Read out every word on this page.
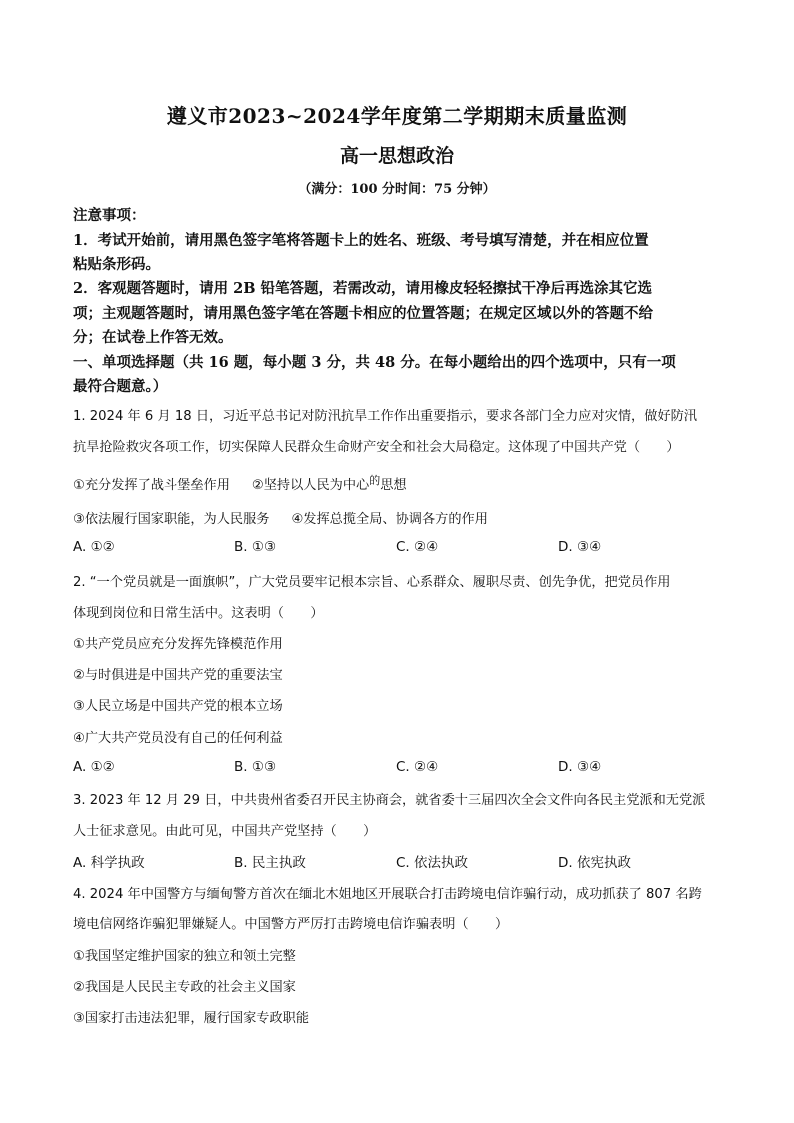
遵义市2023~2024学年度第二学期期末质量监测
高一思想政治
（满分：100 分时间：75 分钟）
注意事项：
1．考试开始前，请用黑色签字笔将答题卡上的姓名、班级、考号填写清楚，并在相应位置
粘贴条形码。
2．客观题答题时，请用 2B 铅笔答题，若需改动，请用橡皮轻轻擦拭干净后再选涂其它选
项；主观题答题时，请用黑色签字笔在答题卡相应的位置答题；在规定区域以外的答题不给
分；在试卷上作答无效。
一、单项选择题（共 16 题，每小题 3 分，共 48 分。在每小题给出的四个选项中，只有一项
最符合题意。）
1. 2024 年 6 月 18 日，习近平总书记对防汛抗旱工作作出重要指示，要求各部门全力应对灾情，做好防汛
抗旱抢险救灾各项工作，切实保障人民群众生命财产安全和社会大局稳定。这体现了中国共产党（　　）
①充分发挥了战斗堡垒作用 ②坚持以人民为中心$^的$思想
③依法履行国家职能，为人民服务 ④发挥总揽全局、协调各方的作用
A. ①②	B. ①③	C. ②④	D. ③④
2. “一个党员就是一面旗帜”，广大党员要牢记根本宗旨、心系群众、履职尽责、创先争优，把党员作用
体现到岗位和日常生活中。这表明（　　）
①共产党员应充分发挥先锋模范作用
②与时俱进是中国共产党的重要法宝
③人民立场是中国共产党的根本立场
④广大共产党员没有自己的任何利益
A. ①②	B. ①③	C. ②④	D. ③④
3. 2023 年 12 月 29 日，中共贵州省委召开民主协商会，就省委十三届四次全会文件向各民主党派和无党派
人士征求意见。由此可见，中国共产党坚持（　　）
A. 科学执政	B. 民主执政	C. 依法执政	D. 依宪执政
4. 2024 年中国警方与缅甸警方首次在缅北木姐地区开展联合打击跨境电信诈骗行动，成功抓获了 807 名跨
境电信网络诈骗犯罪嫌疑人。中国警方严厉打击跨境电信诈骗表明（　　）
①我国坚定维护国家的独立和领土完整
②我国是人民民主专政的社会主义国家
③国家打击违法犯罪，履行国家专政职能
